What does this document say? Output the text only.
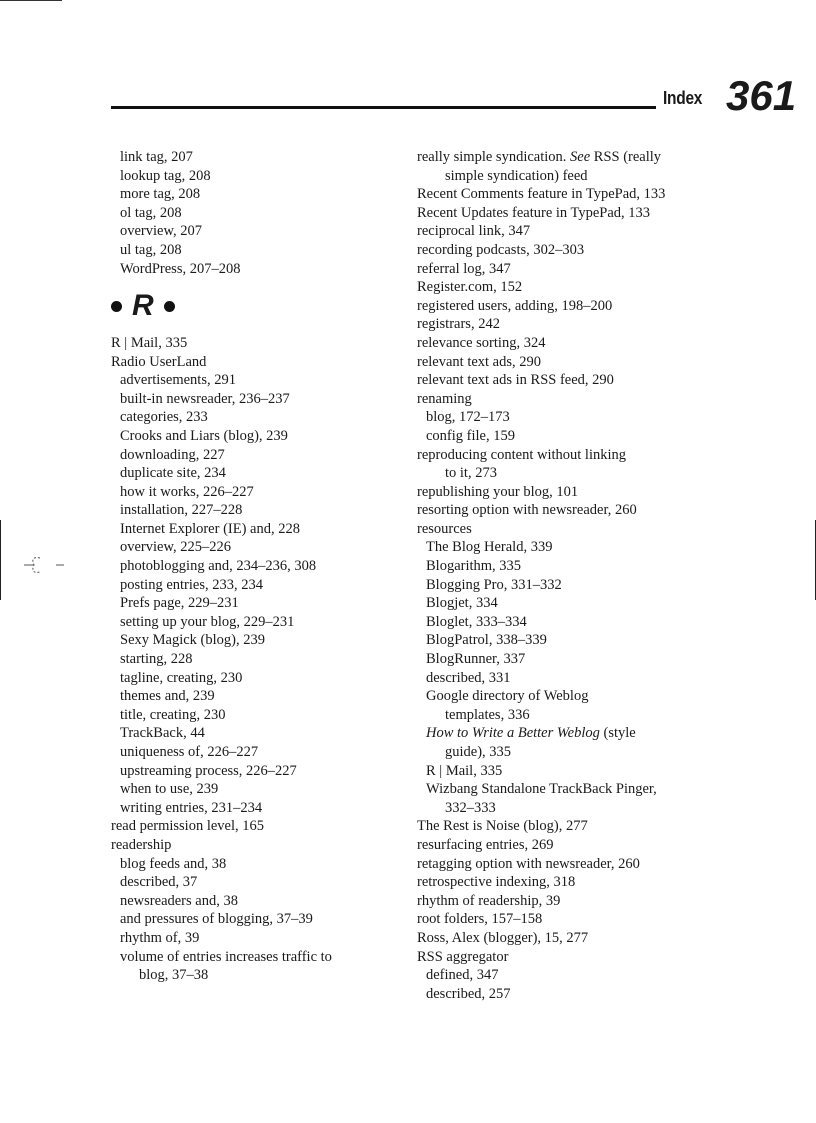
Index 361
link tag, 207
lookup tag, 208
more tag, 208
ol tag, 208
overview, 207
ul tag, 208
WordPress, 207–208
R
R | Mail, 335
Radio UserLand
advertisements, 291
built-in newsreader, 236–237
categories, 233
Crooks and Liars (blog), 239
downloading, 227
duplicate site, 234
how it works, 226–227
installation, 227–228
Internet Explorer (IE) and, 228
overview, 225–226
photoblogging and, 234–236, 308
posting entries, 233, 234
Prefs page, 229–231
setting up your blog, 229–231
Sexy Magick (blog), 239
starting, 228
tagline, creating, 230
themes and, 239
title, creating, 230
TrackBack, 44
uniqueness of, 226–227
upstreaming process, 226–227
when to use, 239
writing entries, 231–234
read permission level, 165
readership
blog feeds and, 38
described, 37
newsreaders and, 38
and pressures of blogging, 37–39
rhythm of, 39
volume of entries increases traffic to
blog, 37–38
really simple syndication. See RSS (really
simple syndication) feed
Recent Comments feature in TypePad, 133
Recent Updates feature in TypePad, 133
reciprocal link, 347
recording podcasts, 302–303
referral log, 347
Register.com, 152
registered users, adding, 198–200
registrars, 242
relevance sorting, 324
relevant text ads, 290
relevant text ads in RSS feed, 290
renaming
blog, 172–173
config file, 159
reproducing content without linking
to it, 273
republishing your blog, 101
resorting option with newsreader, 260
resources
The Blog Herald, 339
Blogarithm, 335
Blogging Pro, 331–332
Blogjet, 334
Bloglet, 333–334
BlogPatrol, 338–339
BlogRunner, 337
described, 331
Google directory of Weblog
templates, 336
How to Write a Better Weblog (style
guide), 335
R | Mail, 335
Wizbang Standalone TrackBack Pinger,
332–333
The Rest is Noise (blog), 277
resurfacing entries, 269
retagging option with newsreader, 260
retrospective indexing, 318
rhythm of readership, 39
root folders, 157–158
Ross, Alex (blogger), 15, 277
RSS aggregator
defined, 347
described, 257
